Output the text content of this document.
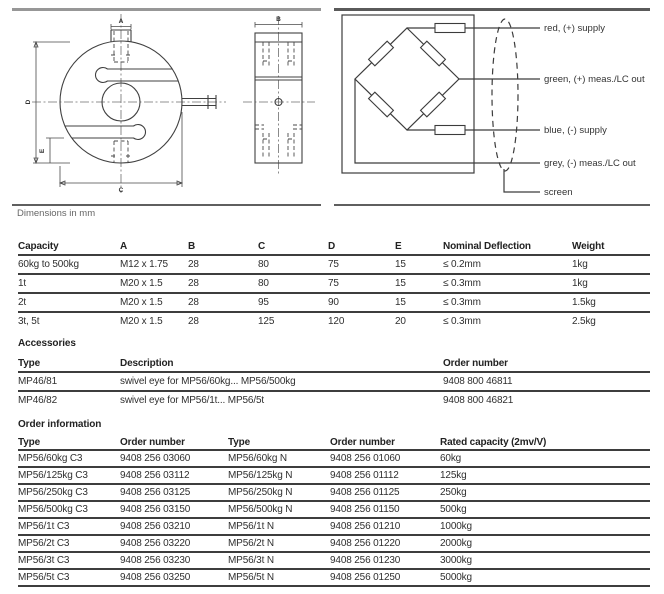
A
D
E
C
B
red, (+) supply
green, (+) meas./LC out
blue, (-) supply
grey, (-) meas./LC out
screen
Dimensions in mm
Capacity	A	B	C	D	E	Nominal Deflection	Weight
60kg to 500kg	M12 x 1.75	28	80	75	15	≤ 0.2mm	1kg
1t	M20 x 1.5	28	80	75	15	≤ 0.3mm	1kg
2t	M20 x 1.5	28	95	90	15	≤ 0.3mm	1.5kg
3t, 5t	M20 x 1.5	28	125	120	20	≤ 0.3mm	2.5kg
Accessories
Type	Description	Order number
MP46/81	swivel eye for MP56/60kg... MP56/500kg	9408 800 46811
MP46/82	swivel eye for MP56/1t... MP56/5t	9408 800 46821
Order information
Type	Order number	Type	Order number	Rated capacity (2mv/V)
MP56/60kg C3	9408 256 03060	MP56/60kg N	9408 256 01060	60kg
MP56/125kg C3	9408 256 03112	MP56/125kg N	9408 256 01112	125kg
MP56/250kg C3	9408 256 03125	MP56/250kg N	9408 256 01125	250kg
MP56/500kg C3	9408 256 03150	MP56/500kg N	9408 256 01150	500kg
MP56/1t C3	9408 256 03210	MP56/1t N	9408 256 01210	1000kg
MP56/2t C3	9408 256 03220	MP56/2t N	9408 256 01220	2000kg
MP56/3t C3	9408 256 03230	MP56/3t N	9408 256 01230	3000kg
MP56/5t C3	9408 256 03250	MP56/5t N	9408 256 01250	5000kg
